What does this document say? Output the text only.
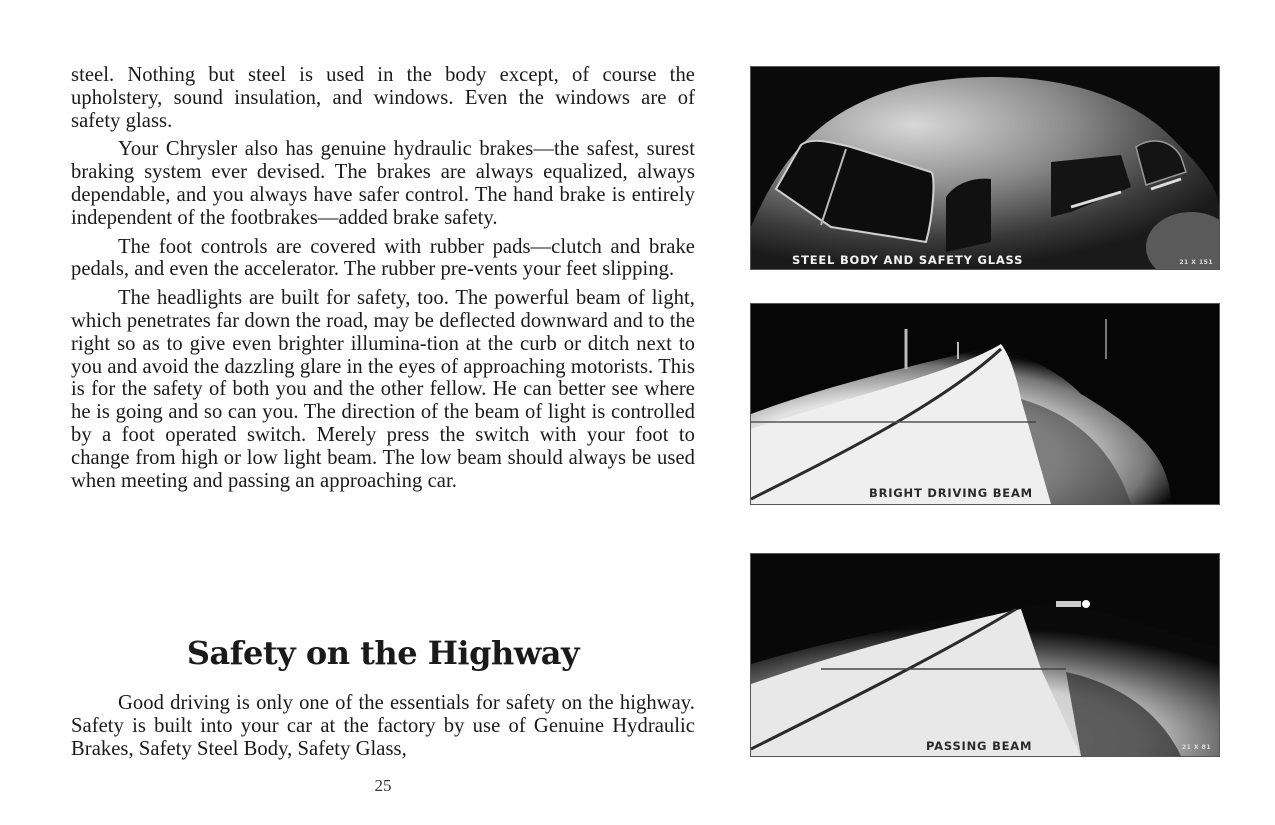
steel. Nothing but steel is used in the body except, of course the upholstery, sound insulation, and windows. Even the windows are of safety glass.

Your Chrysler also has genuine hydraulic brakes—the safest, surest braking system ever devised. The brakes are always equalized, always dependable, and you always have safer control. The hand brake is entirely independent of the footbrakes—added brake safety.

The foot controls are covered with rubber pads—clutch and brake pedals, and even the accelerator. The rubber pre-vents your feet slipping.

The headlights are built for safety, too. The powerful beam of light, which penetrates far down the road, may be deflected downward and to the right so as to give even brighter illumina-tion at the curb or ditch next to you and avoid the dazzling glare in the eyes of approaching motorists. This is for the safety of both you and the other fellow. He can better see where he is going and so can you. The direction of the beam of light is controlled by a foot operated switch. Merely press the switch with your foot to change from high or low light beam. The low beam should always be used when meeting and passing an approaching car.

Safety on the Highway

Good driving is only one of the essentials for safety on the highway. Safety is built into your car at the factory by use of Genuine Hydraulic Brakes, Safety Steel Body, Safety Glass,

25
STEEL BODY AND SAFETY GLASS	21 X 151
BRIGHT DRIVING BEAM
PASSING BEAM	21 X 81
